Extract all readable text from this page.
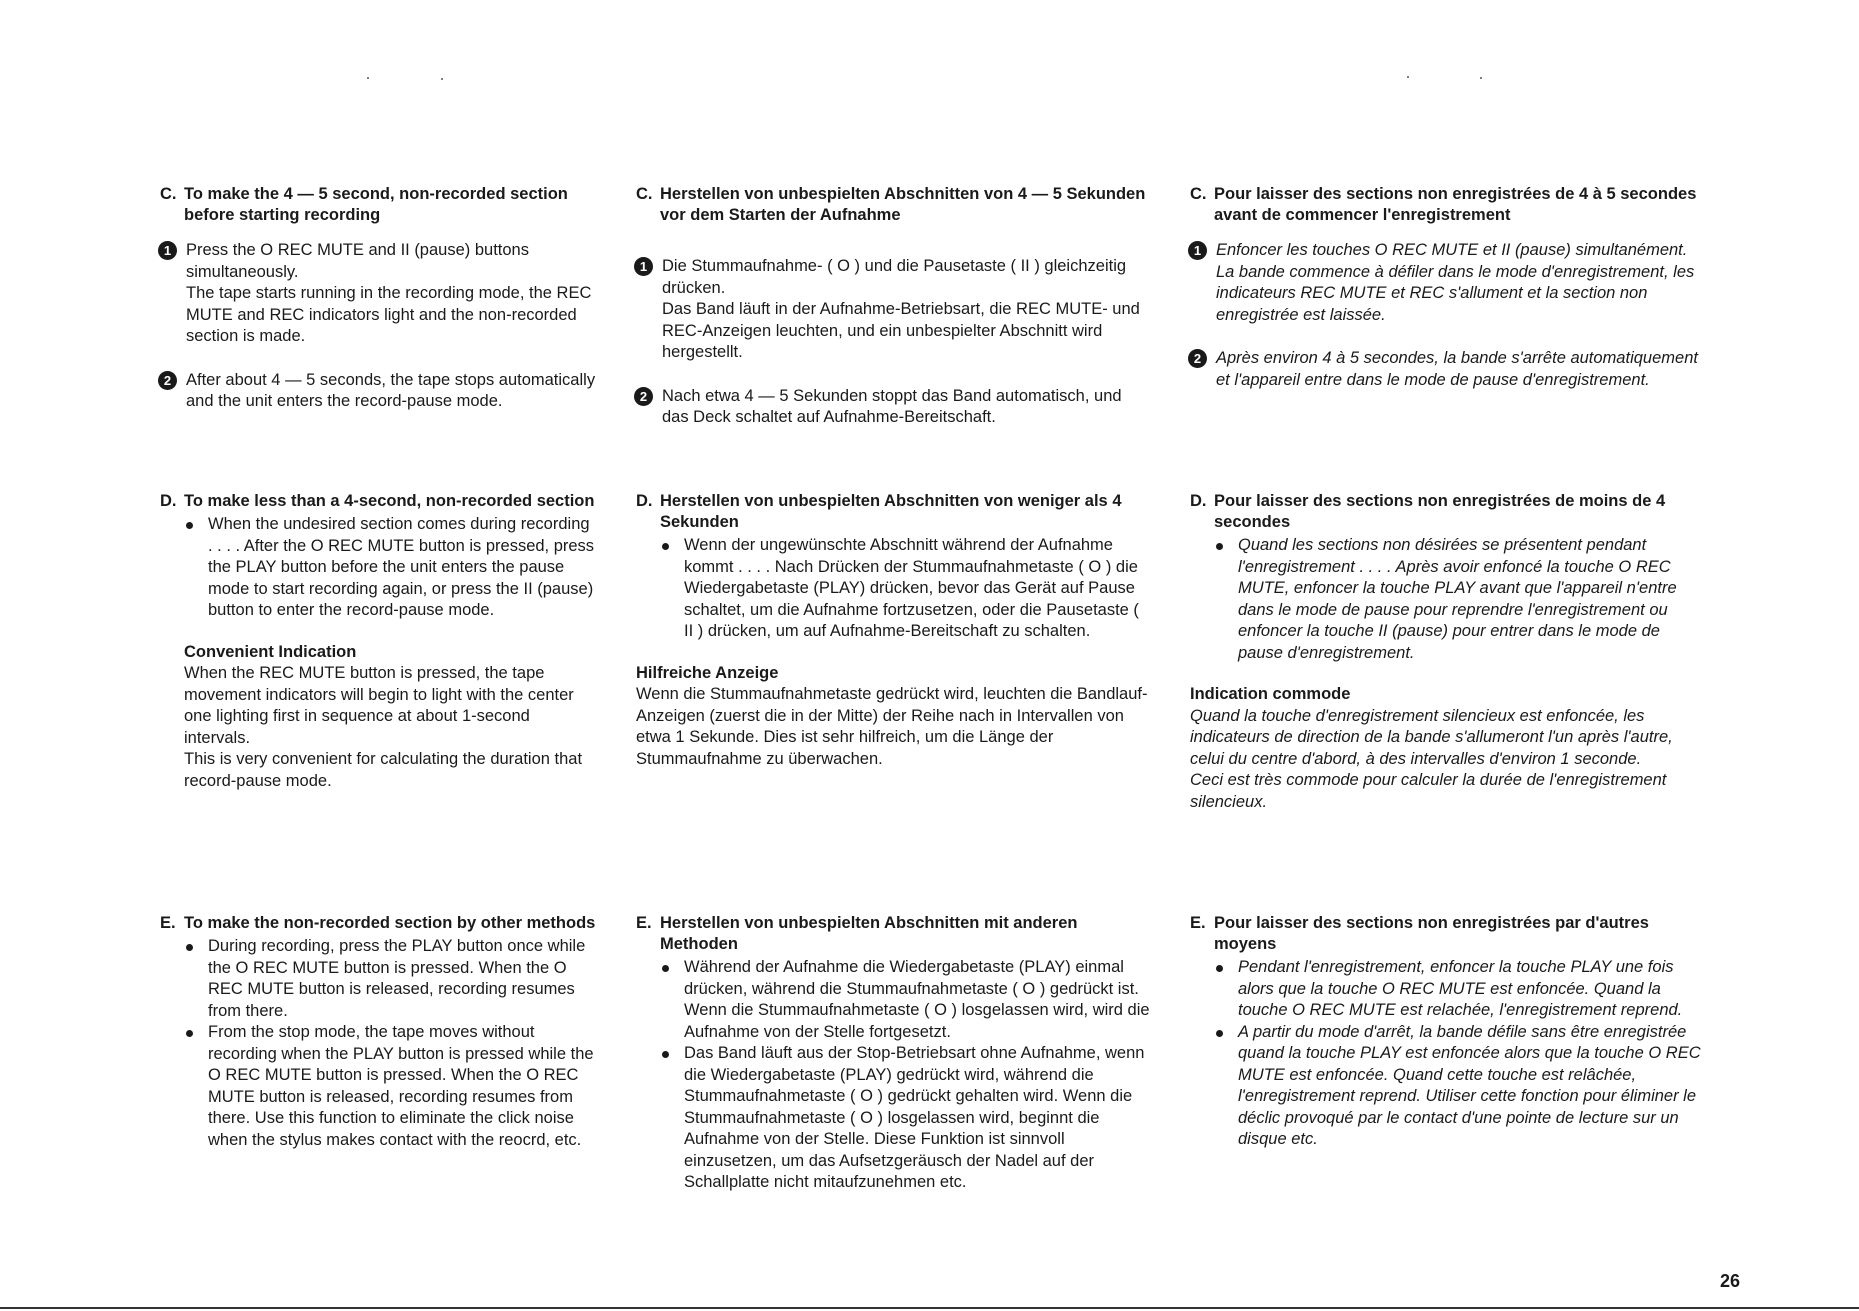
C. To make the 4 — 5 second, non-recorded section before starting recording
1 Press the O REC MUTE and II (pause) buttons simultaneously.

The tape starts running in the recording mode, the REC MUTE and REC indicators light and the non-recorded section is made.

2 After about 4 — 5 seconds, the tape stops automatically and the unit enters the record-pause mode.

D. To make less than a 4-second, non-recorded section
When the undesired section comes during recording . . . . After the O REC MUTE button is pressed, press the PLAY button before the unit enters the pause mode to start recording again, or press the II (pause) button to enter the record-pause mode.
Convenient Indication

When the REC MUTE button is pressed, the tape movement indicators will begin to light with the center one lighting first in sequence at about 1-second intervals.

This is very convenient for calculating the duration that record-pause mode.

E. To make the non-recorded section by other methods
During recording, press the PLAY button once while the O REC MUTE button is pressed. When the O REC MUTE button is released, recording resumes from there.
From the stop mode, the tape moves without recording when the PLAY button is pressed while the O REC MUTE button is pressed. When the O REC MUTE button is released, recording resumes from there. Use this function to eliminate the click noise when the stylus makes contact with the reocrd, etc.
C. Herstellen von unbespielten Abschnitten von 4 — 5 Sekunden vor dem Starten der Aufnahme
1 Die Stummaufnahme- ( O ) und die Pausetaste ( II ) gleichzeitig drücken.

Das Band läuft in der Aufnahme-Betriebsart, die REC MUTE- und REC-Anzeigen leuchten, und ein unbespielter Abschnitt wird hergestellt.

2 Nach etwa 4 — 5 Sekunden stoppt das Band automatisch, und das Deck schaltet auf Aufnahme-Bereitschaft.

D. Herstellen von unbespielten Abschnitten von weniger als 4 Sekunden
Wenn der ungewünschte Abschnitt während der Aufnahme kommt . . . . Nach Drücken der Stummaufnahmetaste ( O ) die Wiedergabetaste (PLAY) drücken, bevor das Gerät auf Pause schaltet, um die Aufnahme fortzusetzen, oder die Pausetaste ( II ) drücken, um auf Aufnahme-Bereitschaft zu schalten.
Hilfreiche Anzeige

Wenn die Stummaufnahmetaste gedrückt wird, leuchten die Bandlauf-Anzeigen (zuerst die in der Mitte) der Reihe nach in Intervallen von etwa 1 Sekunde. Dies ist sehr hilfreich, um die Länge der Stummaufnahme zu überwachen.

E. Herstellen von unbespielten Abschnitten mit anderen Methoden
Während der Aufnahme die Wiedergabetaste (PLAY) einmal drücken, während die Stummaufnahmetaste ( O ) gedrückt ist. Wenn die Stummaufnahmetaste ( O ) losgelassen wird, wird die Aufnahme von der Stelle fortgesetzt.
Das Band läuft aus der Stop-Betriebsart ohne Aufnahme, wenn die Wiedergabetaste (PLAY) gedrückt wird, während die Stummaufnahmetaste ( O ) gedrückt gehalten wird. Wenn die Stummaufnahmetaste ( O ) losgelassen wird, beginnt die Aufnahme von der Stelle. Diese Funktion ist sinnvoll einzusetzen, um das Aufsetzgeräusch der Nadel auf der Schallplatte nicht mitaufzunehmen etc.
C. Pour laisser des sections non enregistrées de 4 à 5 secondes avant de commencer l'enregistrement
1 Enfoncer les touches O REC MUTE et II (pause) simultanément.

La bande commence à défiler dans le mode d'enregistrement, les indicateurs REC MUTE et REC s'allument et la section non enregistrée est laissée.

2 Après environ 4 à 5 secondes, la bande s'arrête automatiquement et l'appareil entre dans le mode de pause d'enregistrement.

D. Pour laisser des sections non enregistrées de moins de 4 secondes
Quand les sections non désirées se présentent pendant l'enregistrement . . . . Après avoir enfoncé la touche O REC MUTE, enfoncer la touche PLAY avant que l'appareil n'entre dans le mode de pause pour reprendre l'enregistrement ou enfoncer la touche II (pause) pour entrer dans le mode de pause d'enregistrement.
Indication commode

Quand la touche d'enregistrement silencieux est enfoncée, les indicateurs de direction de la bande s'allumeront l'un après l'autre, celui du centre d'abord, à des intervalles d'environ 1 seconde.

Ceci est très commode pour calculer la durée de l'enregistrement silencieux.

E. Pour laisser des sections non enregistrées par d'autres moyens
Pendant l'enregistrement, enfoncer la touche PLAY une fois alors que la touche O REC MUTE est enfoncée. Quand la touche O REC MUTE est relachée, l'enregistrement reprend.
A partir du mode d'arrêt, la bande défile sans être enregistrée quand la touche PLAY est enfoncée alors que la touche O REC MUTE est enfoncée. Quand cette touche est relâchée, l'enregistrement reprend. Utiliser cette fonction pour éliminer le déclic provoqué par le contact d'une pointe de lecture sur un disque etc.
26
